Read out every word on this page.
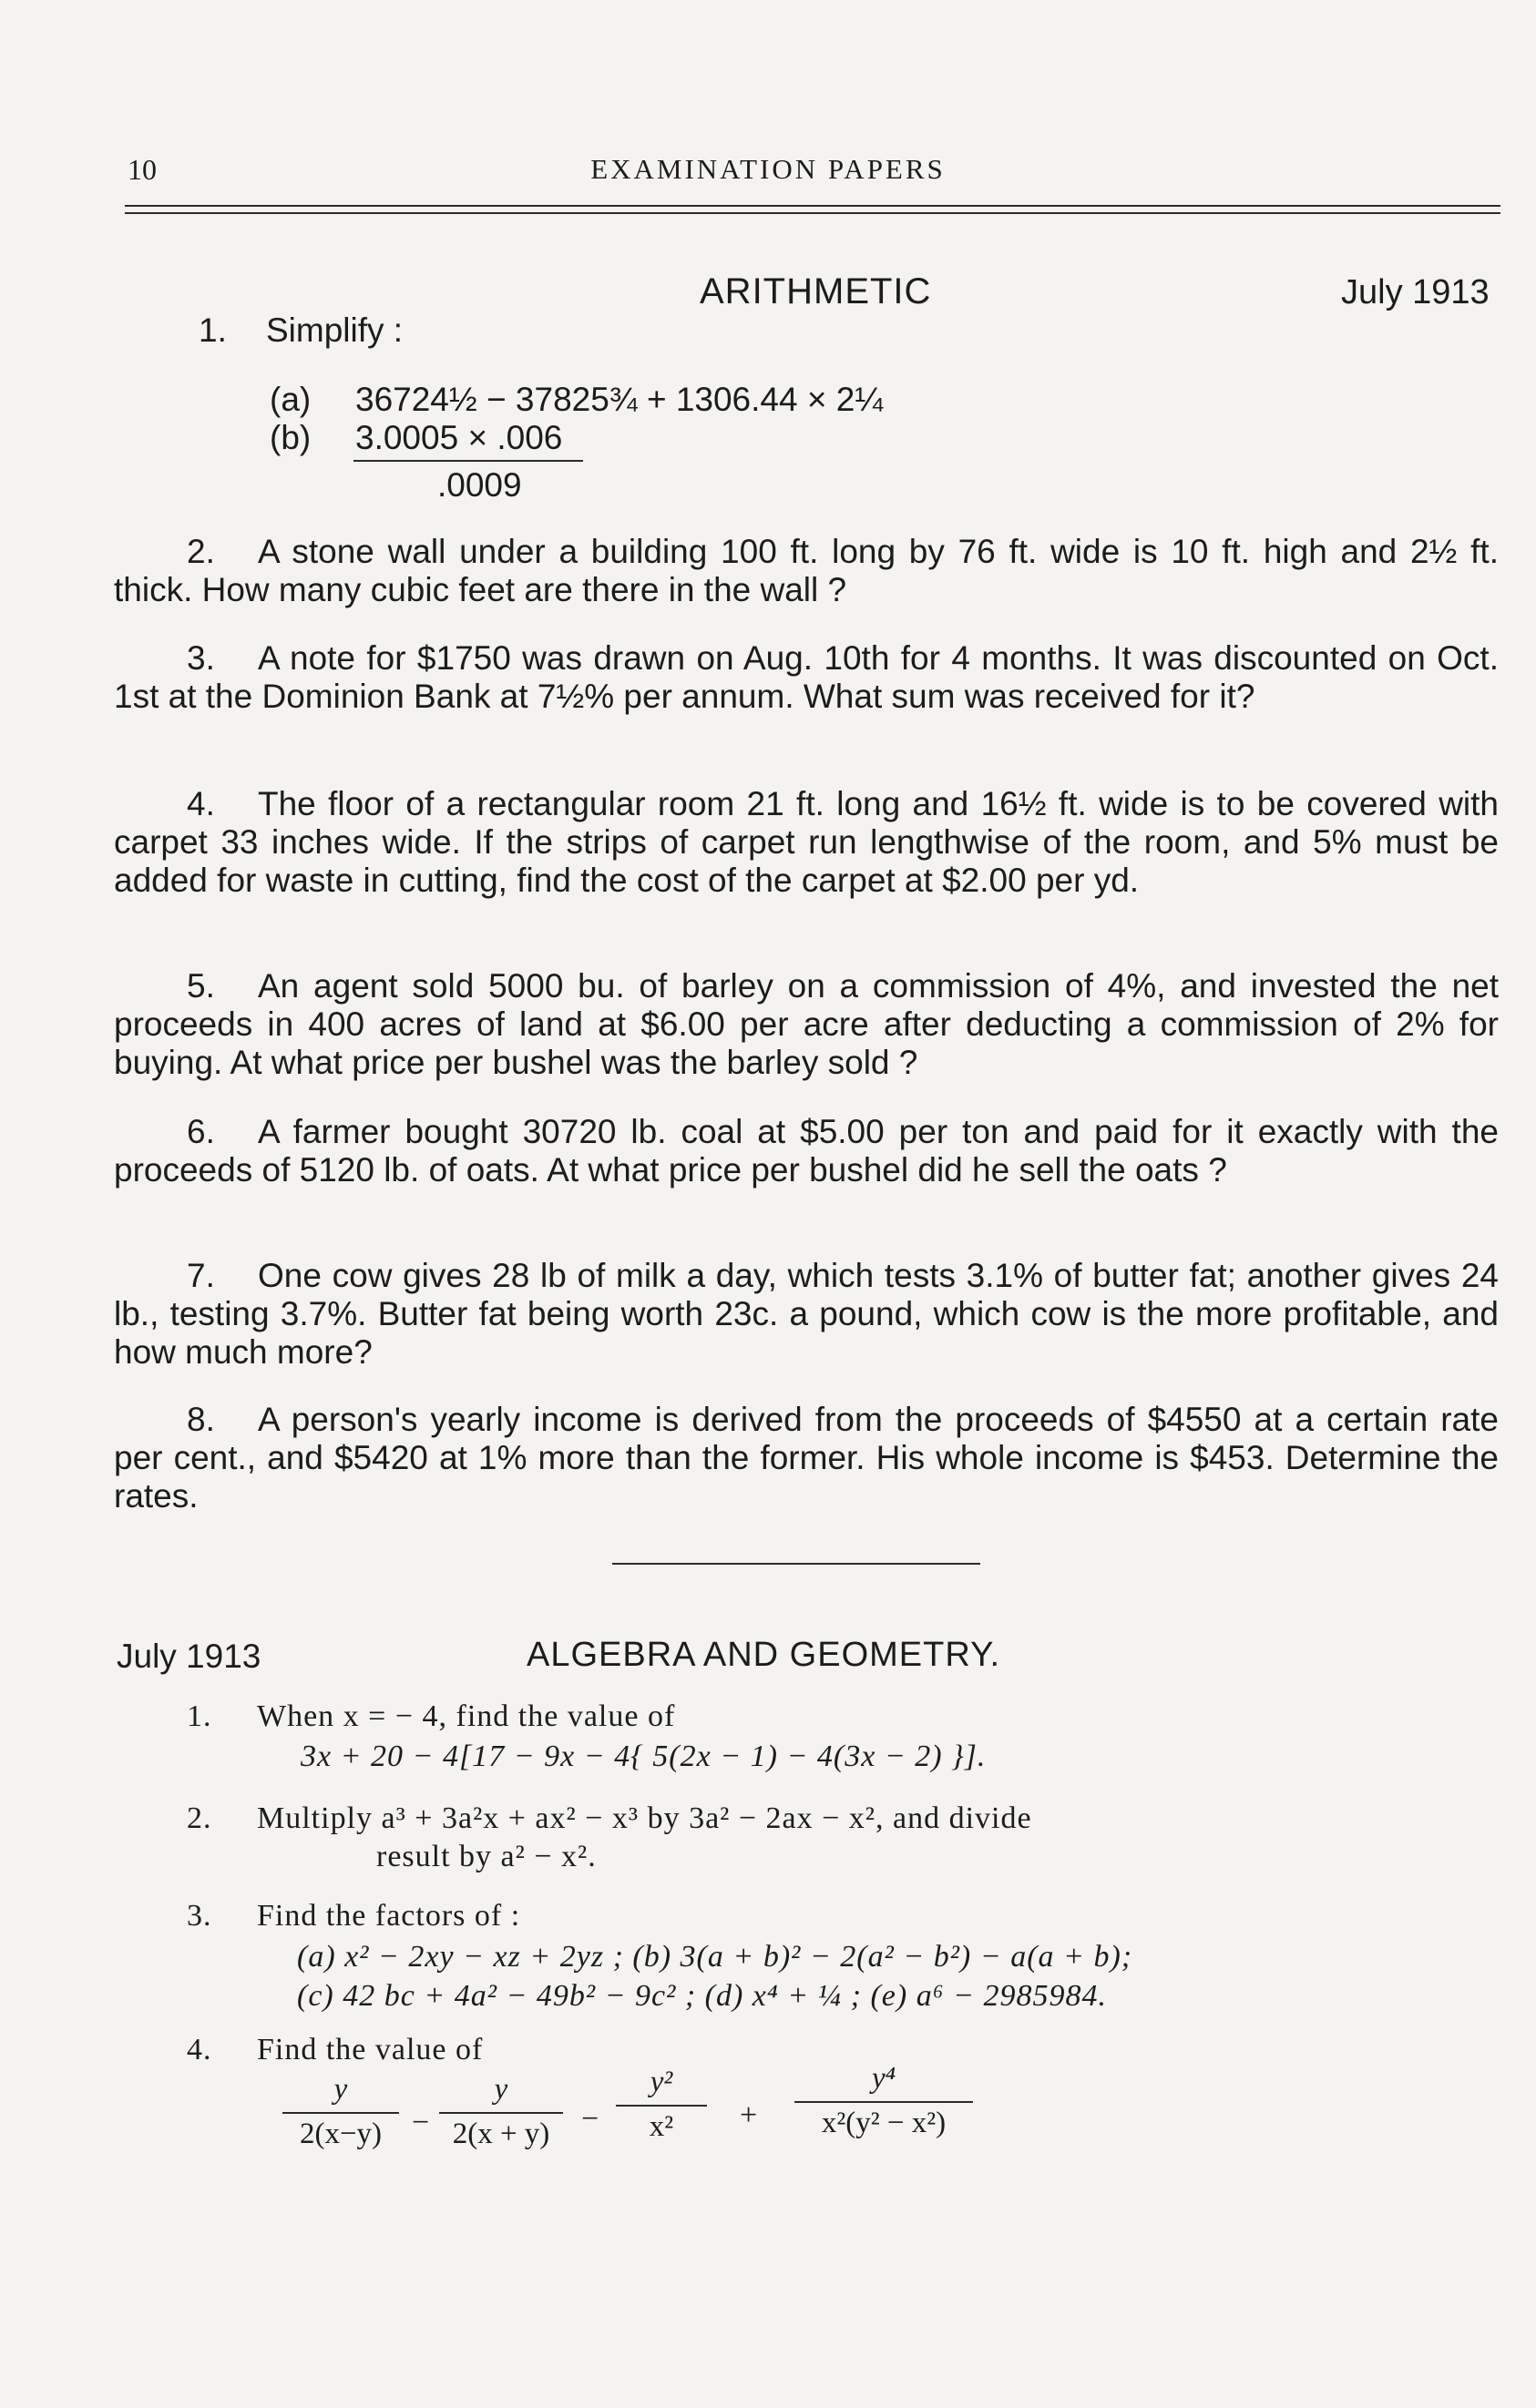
10	EXAMINATION PAPERS
ARITHMETIC	July 1913
1. Simplify :
(a) 36724½ − 37825¾ + 1306.44 × 2¼
(b) 3.0005 × .006
.0009
2. A stone wall under a building 100 ft. long by 76 ft. wide is 10 ft. high and 2½ ft. thick. How many cubic feet are there in the wall ?
3. A note for $1750 was drawn on Aug. 10th for 4 months. It was discounted on Oct. 1st at the Dominion Bank at 7½% per annum. What sum was received for it?
4. The floor of a rectangular room 21 ft. long and 16½ ft. wide is to be covered with carpet 33 inches wide. If the strips of carpet run lengthwise of the room, and 5% must be added for waste in cutting, find the cost of the carpet at $2.00 per yd.
5. An agent sold 5000 bu. of barley on a commission of 4%, and invested the net proceeds in 400 acres of land at $6.00 per acre after deducting a commission of 2% for buying. At what price per bushel was the barley sold ?
6. A farmer bought 30720 lb. coal at $5.00 per ton and paid for it exactly with the proceeds of 5120 lb. of oats. At what price per bushel did he sell the oats ?
7. One cow gives 28 lb of milk a day, which tests 3.1% of butter fat; another gives 24 lb., testing 3.7%. Butter fat being worth 23c. a pound, which cow is the more profitable, and how much more?
8. A person's yearly income is derived from the proceeds of $4550 at a certain rate per cent., and $5420 at 1% more than the former. His whole income is $453. Determine the rates.
July 1913	ALGEBRA AND GEOMETRY.
1. When x = − 4, find the value of
3x + 20 − 4[17 − 9x − 4{ 5(2x − 1) − 4(3x − 2) }].
2. Multiply a³ + 3a²x + ax² − x³ by 3a² − 2ax − x², and divide
result by a² − x².
3. Find the factors of :
(a) x² − 2xy − xz + 2yz ; (b) 3(a + b)² − 2(a² − b²) − a(a + b);
(c) 42 bc + 4a² − 49b² − 9c² ; (d) x⁴ + ¼ ; (e) a⁶ − 2985984.
4. Find the value of
y
2(x−y) −
y
2(x + y)	−
y²
x²	+
y⁴
x²(y² − x²)
